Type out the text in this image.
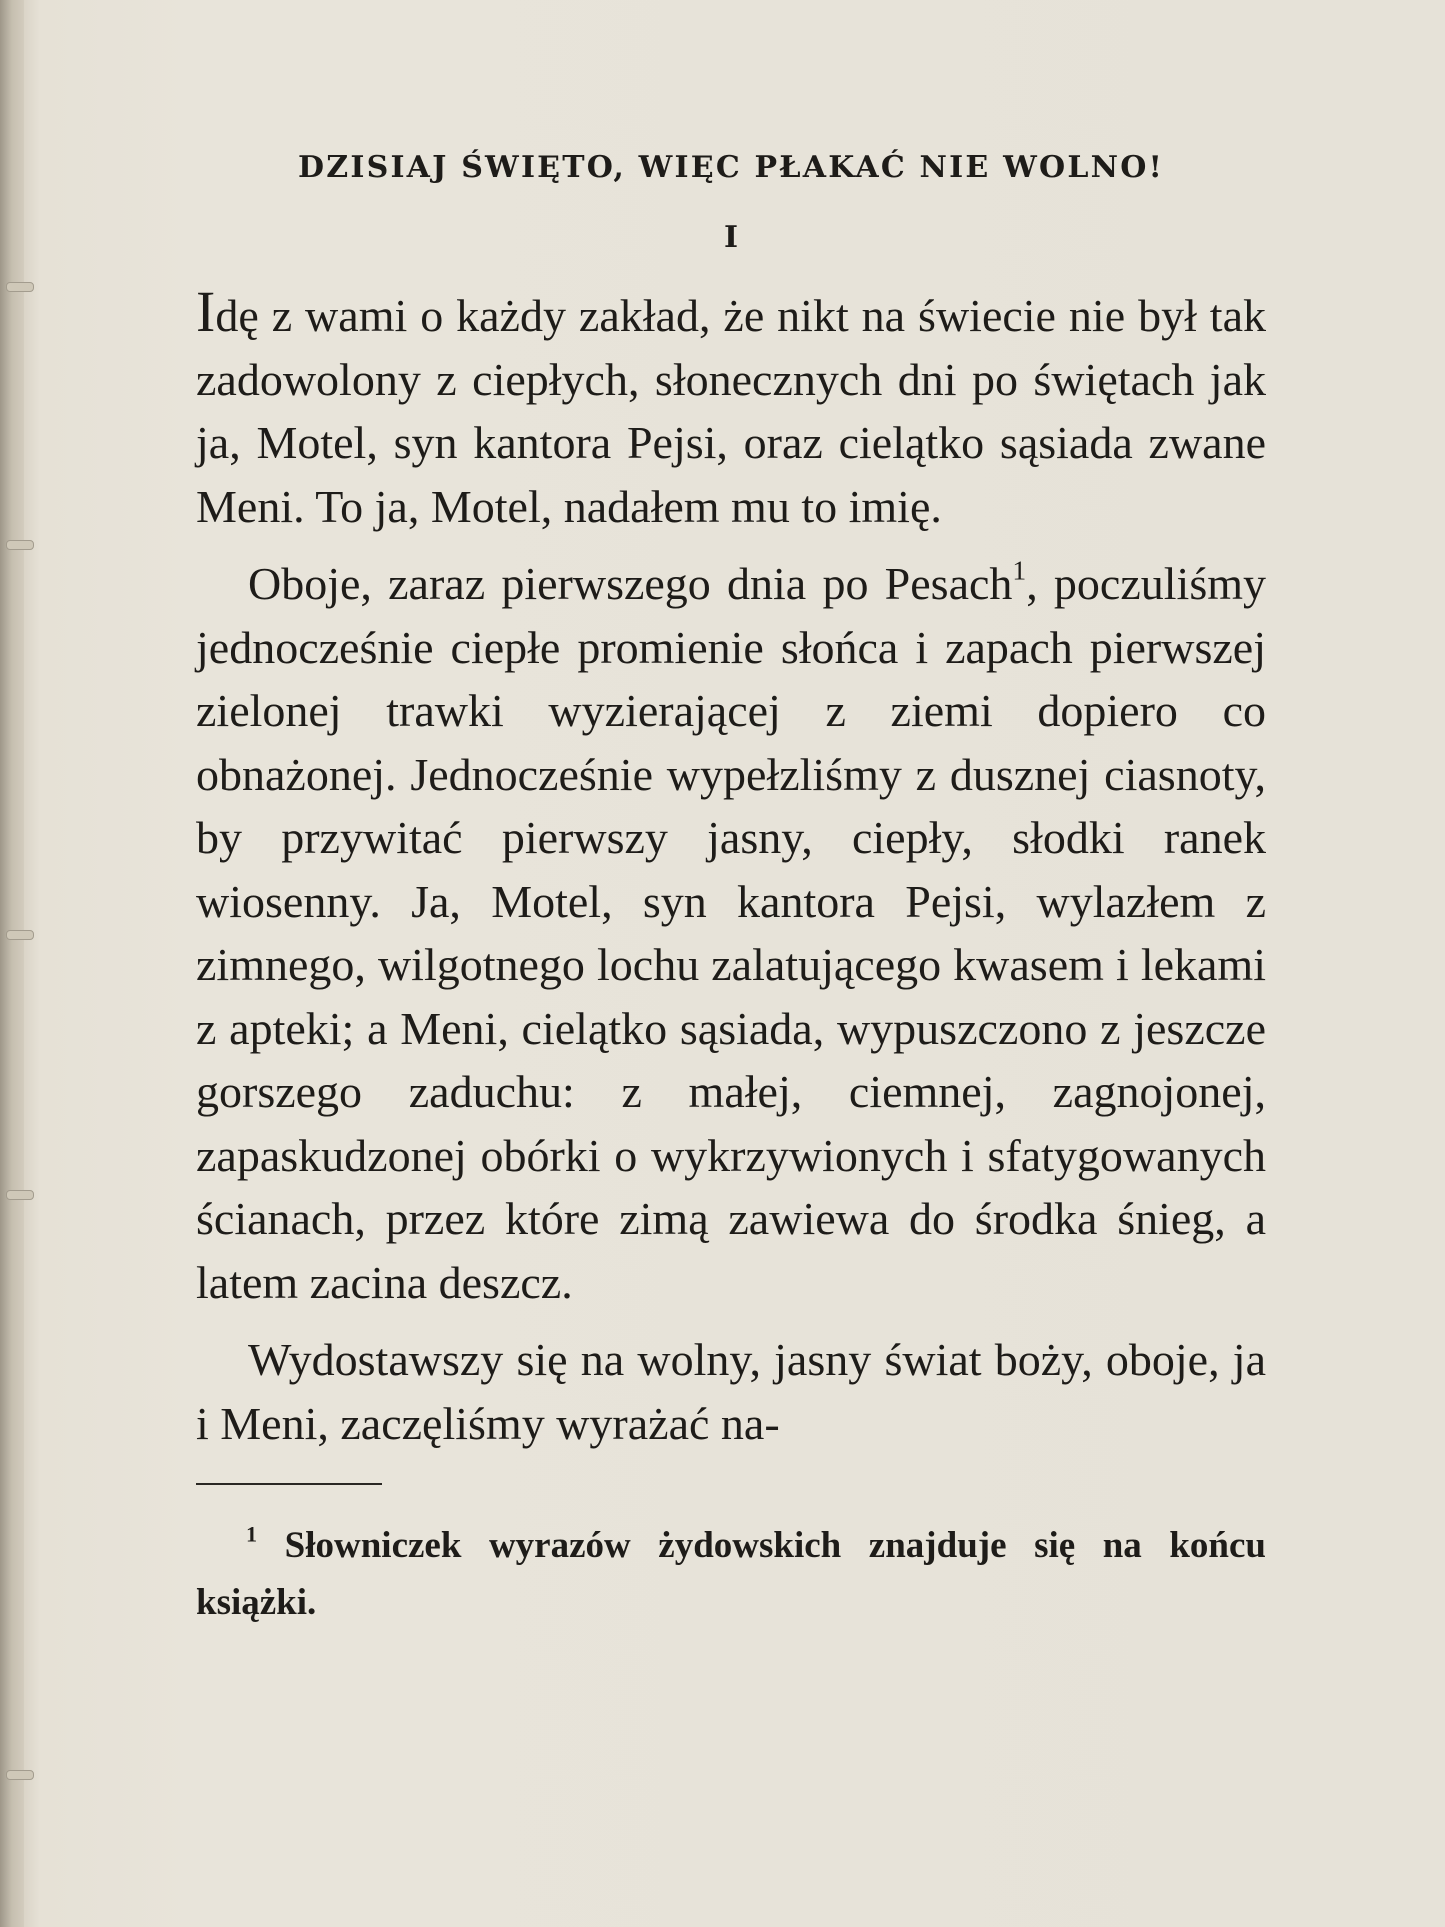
DZISIAJ ŚWIĘTO, WIĘC PŁAKAĆ NIE WOLNO!
I

Idę z wami o każdy zakład, że nikt na świecie nie był tak zadowolony z ciepłych, słonecznych dni po świętach jak ja, Motel, syn kantora Pejsi, oraz cielątko sąsiada zwane Meni. To ja, Motel, nadałem mu to imię.

Oboje, zaraz pierwszego dnia po Pesach$^1$, poczuliśmy jednocześnie ciepłe promienie słońca i zapach pierwszej zielonej trawki wyzierającej z ziemi dopiero co obnażonej. Jednocześnie wypełzliśmy z dusznej ciasnoty, by przywitać pierwszy jasny, ciepły, słodki ranek wiosenny. Ja, Motel, syn kantora Pejsi, wylazłem z zimnego, wilgotnego lochu zalatującego kwasem i lekami z apteki; a Meni, cielątko sąsiada, wypuszczono z jeszcze gorszego zaduchu: z małej, ciemnej, zagnojonej, zapaskudzonej obórki o wykrzywionych i sfatygowanych ścianach, przez które zimą zawiewa do środka śnieg, a latem zacina deszcz.

Wydostawszy się na wolny, jasny świat boży, oboje, ja i Meni, zaczęliśmy wyrażać na-

$^1$ Słowniczek wyrazów żydowskich znajduje się na końcu książki.
